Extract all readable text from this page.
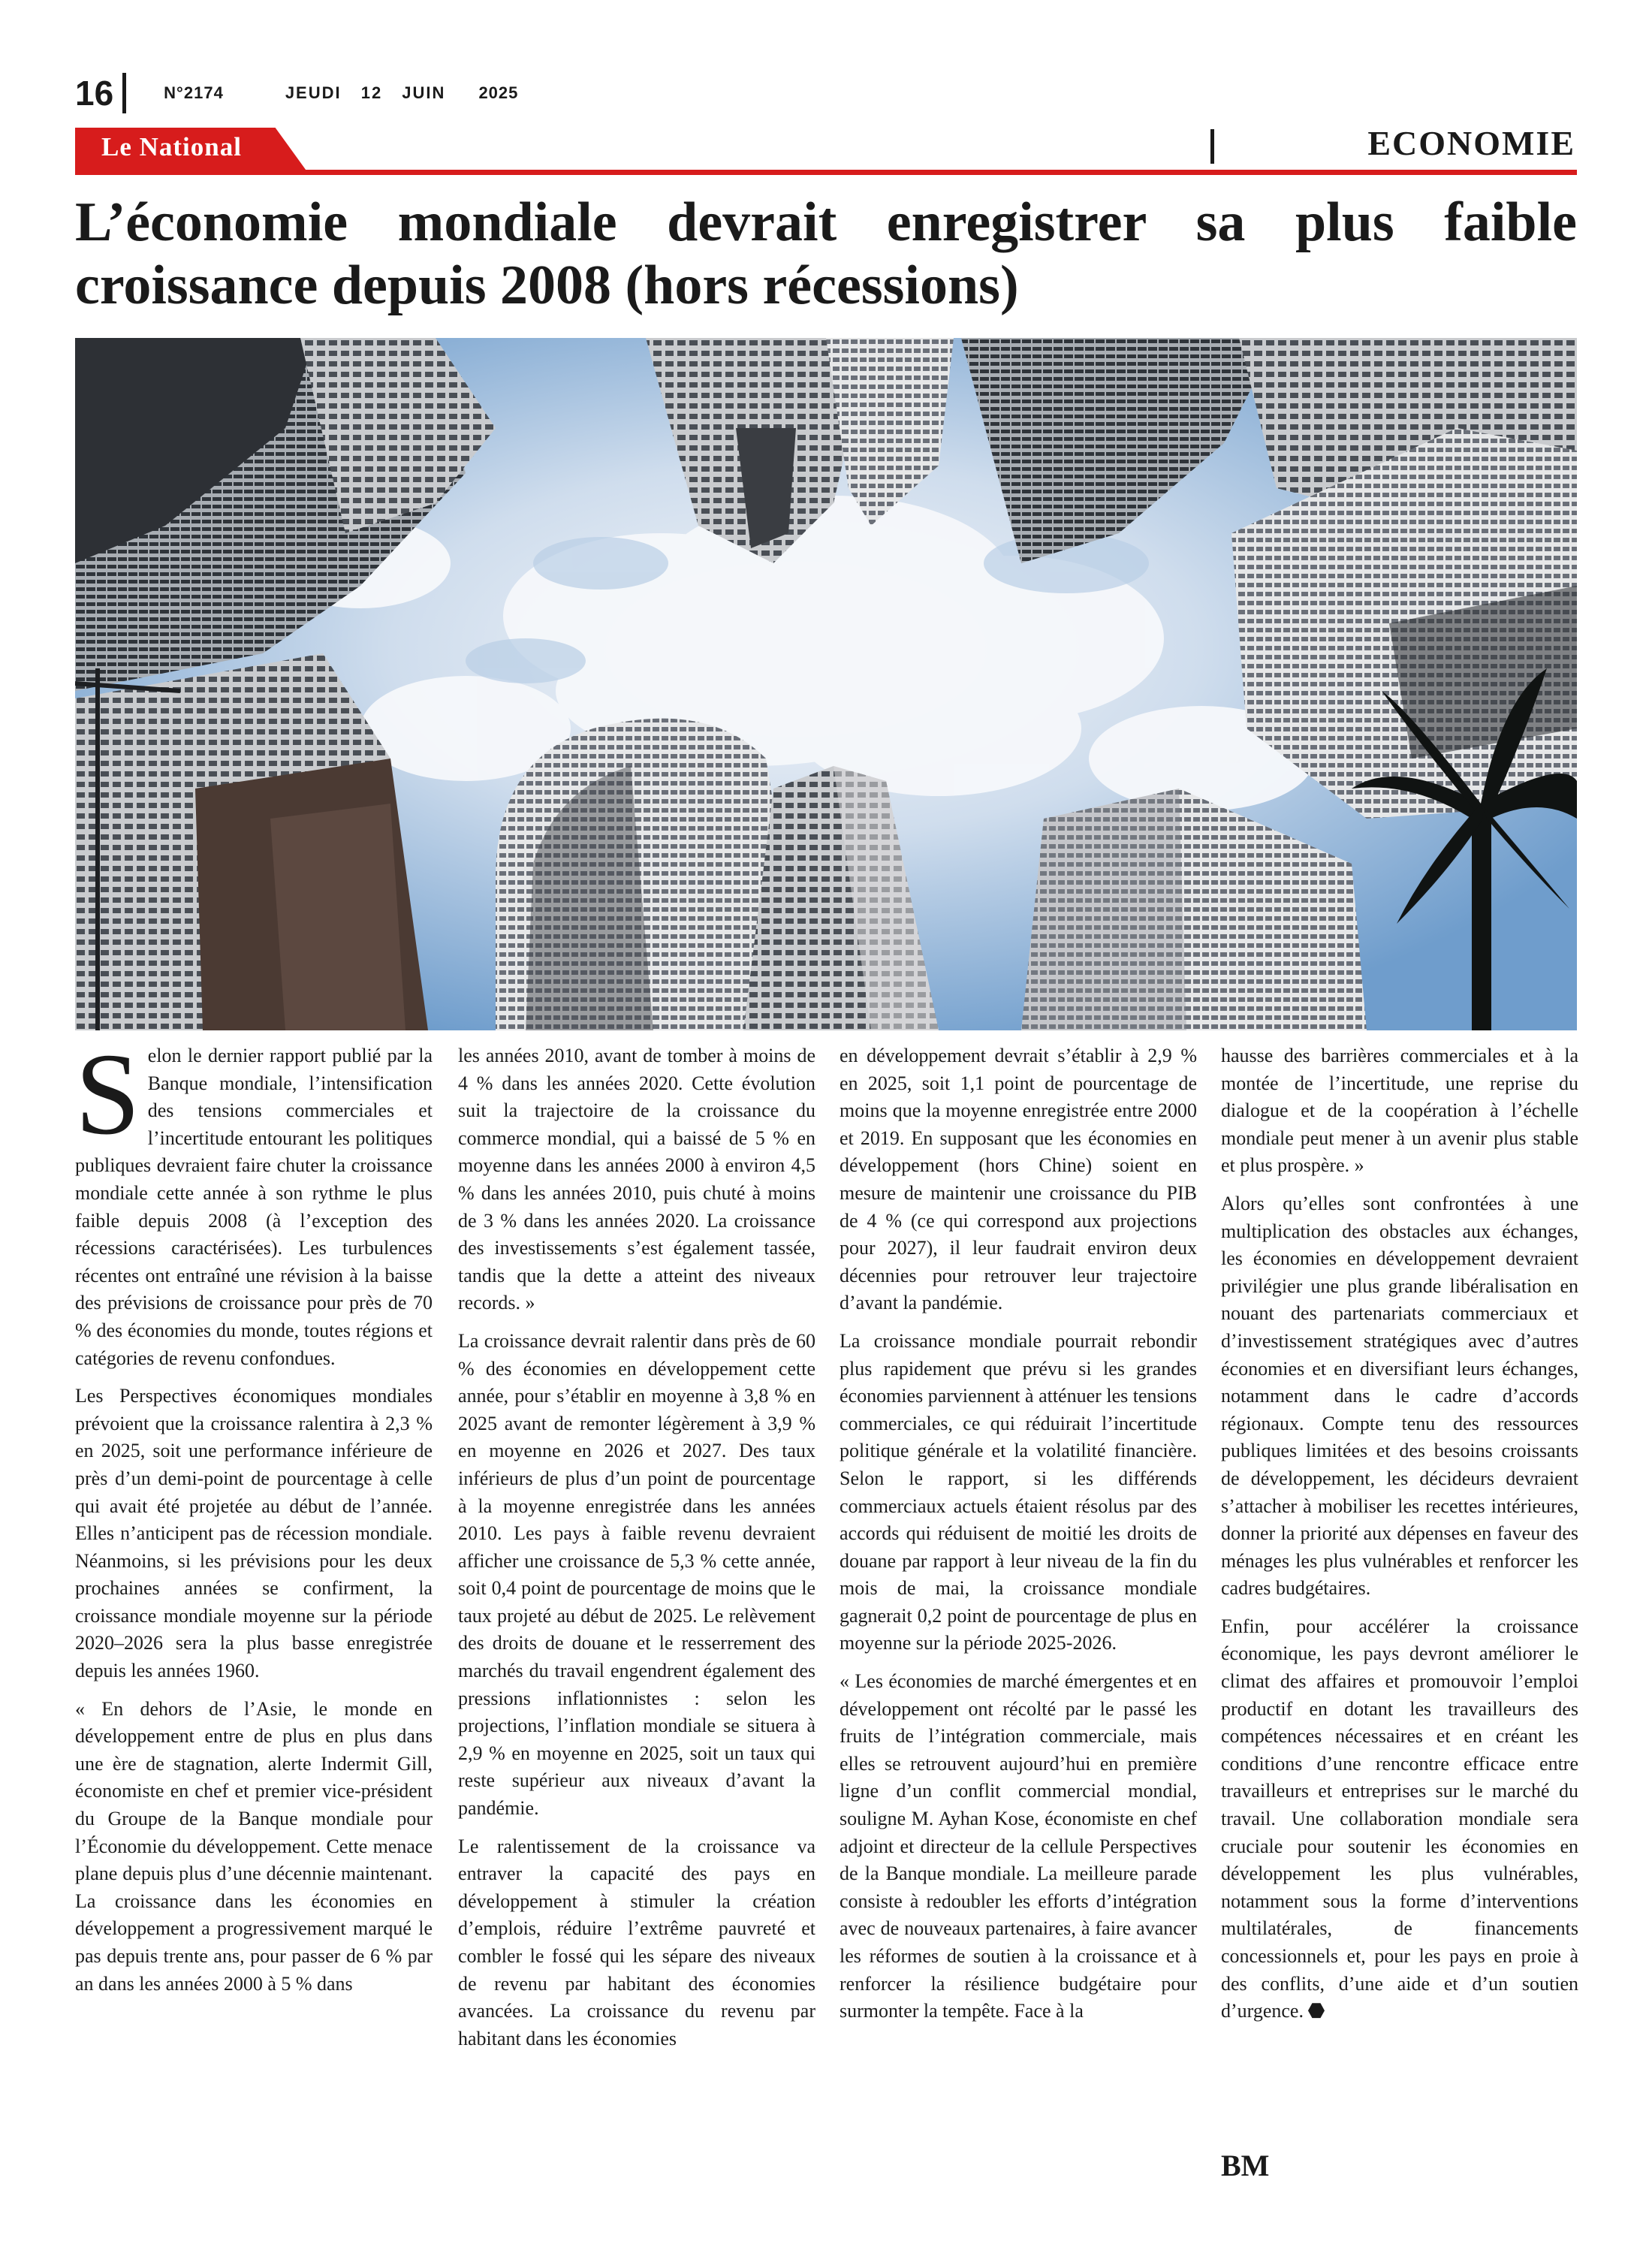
16	N°2174	JEUDI 12 JUIN 2025
Le National	ECONOMIE
L’économie mondiale devrait enregistrer sa plus faible croissance depuis 2008 (hors récessions)

Selon le dernier rapport publié par la Banque mondiale, l’intensification des tensions commerciales et l’incertitude entourant les politiques publiques devraient faire chuter la croissance mondiale cette année à son rythme le plus faible depuis 2008 (à l’exception des récessions caractérisées). Les turbulences récentes ont entraîné une révision à la baisse des prévisions de croissance pour près de 70 % des économies du monde, toutes régions et catégories de revenu confondues.

Les Perspectives économiques mondiales prévoient que la croissance ralentira à 2,3 % en 2025, soit une performance inférieure de près d’un demi-point de pourcentage à celle qui avait été projetée au début de l’année. Elles n’anticipent pas de récession mondiale. Néanmoins, si les prévisions pour les deux prochaines années se confirment, la croissance mondiale moyenne sur la période 2020–2026 sera la plus basse enregistrée depuis les années 1960.

« En dehors de l’Asie, le monde en développement entre de plus en plus dans une ère de stagnation, alerte Indermit Gill, économiste en chef et premier vice-président du Groupe de la Banque mondiale pour l’Économie du développement. Cette menace plane depuis plus d’une décennie maintenant. La croissance dans les économies en développement a progressivement marqué le pas depuis trente ans, pour passer de 6 % par an dans les années 2000 à 5 % dans

les années 2010, avant de tomber à moins de 4 % dans les années 2020. Cette évolution suit la trajectoire de la croissance du commerce mondial, qui a baissé de 5 % en moyenne dans les années 2000 à environ 4,5 % dans les années 2010, puis chuté à moins de 3 % dans les années 2020. La croissance des investissements s’est également tassée, tandis que la dette a atteint des niveaux records. »

La croissance devrait ralentir dans près de 60 % des économies en développement cette année, pour s’établir en moyenne à 3,8 % en 2025 avant de remonter légèrement à 3,9 % en moyenne en 2026 et 2027. Des taux inférieurs de plus d’un point de pourcentage à la moyenne enregistrée dans les années 2010. Les pays à faible revenu devraient afficher une croissance de 5,3 % cette année, soit 0,4 point de pourcentage de moins que le taux projeté au début de 2025. Le relèvement des droits de douane et le resserrement des marchés du travail engendrent également des pressions inflationnistes : selon les projections, l’inflation mondiale se situera à 2,9 % en moyenne en 2025, soit un taux qui reste supérieur aux niveaux d’avant la pandémie.

Le ralentissement de la croissance va entraver la capacité des pays en développement à stimuler la création d’emplois, réduire l’extrême pauvreté et combler le fossé qui les sépare des niveaux de revenu par habitant des économies avancées. La croissance du revenu par habitant dans les économies

en développement devrait s’établir à 2,9 % en 2025, soit 1,1 point de pourcentage de moins que la moyenne enregistrée entre 2000 et 2019. En supposant que les économies en développement (hors Chine) soient en mesure de maintenir une croissance du PIB de 4 % (ce qui correspond aux projections pour 2027), il leur faudrait environ deux décennies pour retrouver leur trajectoire d’avant la pandémie.

La croissance mondiale pourrait rebondir plus rapidement que prévu si les grandes économies parviennent à atténuer les tensions commerciales, ce qui réduirait l’incertitude politique générale et la volatilité financière. Selon le rapport, si les différends commerciaux actuels étaient résolus par des accords qui réduisent de moitié les droits de douane par rapport à leur niveau de la fin du mois de mai, la croissance mondiale gagnerait 0,2 point de pourcentage de plus en moyenne sur la période 2025-2026.

« Les économies de marché émergentes et en développement ont récolté par le passé les fruits de l’intégration commerciale, mais elles se retrouvent aujourd’hui en première ligne d’un conflit commercial mondial, souligne M. Ayhan Kose, économiste en chef adjoint et directeur de la cellule Perspectives de la Banque mondiale. La meilleure parade consiste à redoubler les efforts d’intégration avec de nouveaux partenaires, à faire avancer les réformes de soutien à la croissance et à renforcer la résilience budgétaire pour surmonter la tempête. Face à la

hausse des barrières commerciales et à la montée de l’incertitude, une reprise du dialogue et de la coopération à l’échelle mondiale peut mener à un avenir plus stable et plus prospère. »

Alors qu’elles sont confrontées à une multiplication des obstacles aux échanges, les économies en développement devraient privilégier une plus grande libéralisation en nouant des partenariats commerciaux et d’investissement stratégiques avec d’autres économies et en diversifiant leurs échanges, notamment dans le cadre d’accords régionaux. Compte tenu des ressources publiques limitées et des besoins croissants de développement, les décideurs devraient s’attacher à mobiliser les recettes intérieures, donner la priorité aux dépenses en faveur des ménages les plus vulnérables et renforcer les cadres budgétaires.

Enfin, pour accélérer la croissance économique, les pays devront améliorer le climat des affaires et promouvoir l’emploi productif en dotant les travailleurs des compétences nécessaires et en créant les conditions d’une rencontre efficace entre travailleurs et entreprises sur le marché du travail. Une collaboration mondiale sera cruciale pour soutenir les économies en développement les plus vulnérables, notamment sous la forme d’interventions multilatérales, de financements concessionnels et, pour les pays en proie à des conflits, d’une aide et d’un soutien d’urgence.

BM
